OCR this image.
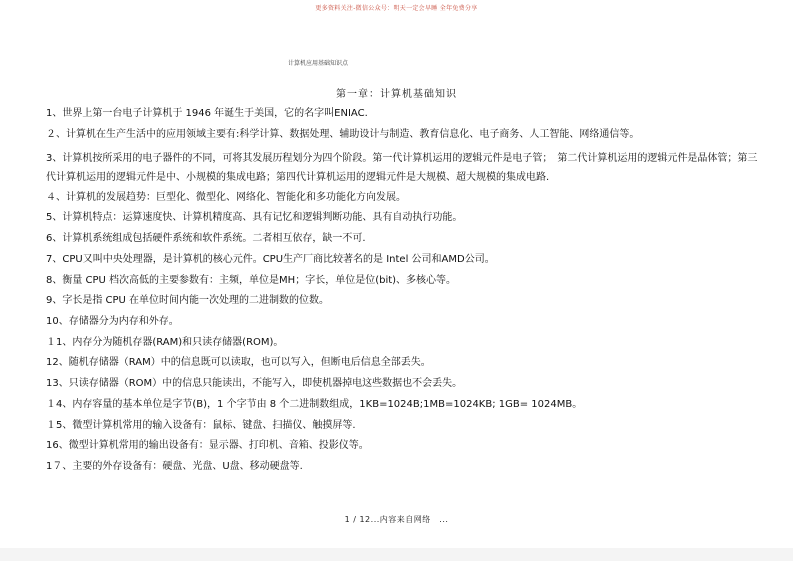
更多资料关注-微信公众号：明天一定会早睡 全年免费分享
计算机应用基础知识点
第一章：计算机基础知识
1、世界上第一台电子计算机于 1946 年诞生于美国，它的名字叫ENIAC.
２、计算机在生产生活中的应用领域主要有:科学计算、数据处理、辅助设计与制造、教育信息化、电子商务、人工智能、网络通信等。
3、计算机按所采用的电子器件的不同，可将其发展历程划分为四个阶段。第一代计算机运用的逻辑元件是电子管；　第二代计算机运用的逻辑元件是晶体管；第三代计算机运用的逻辑元件是中、小规模的集成电路；第四代计算机运用的逻辑元件是大规模、超大规模的集成电路.
４、计算机的发展趋势：巨型化、微型化、网络化、智能化和多功能化方向发展。
5、计算机特点：运算速度快、计算机精度高、具有记忆和逻辑判断功能、具有自动执行功能。
6、计算机系统组成包括硬件系统和软件系统。二者相互依存，缺一不可.
7、CPU又叫中央处理器，是计算机的核心元件。CPU生产厂商比较著名的是 Intel 公司和AMD公司。
8、衡量 CPU 档次高低的主要参数有：主频，单位是MH；字长，单位是位(bit)、多核心等。
9、字长是指 CPU 在单位时间内能一次处理的二进制数的位数。
10、存储器分为内存和外存。
１1、内存分为随机存器(RAM)和只读存储器(ROM)。
12、随机存储器（RAM）中的信息既可以读取，也可以写入，但断电后信息全部丢失。
13、只读存储器（ROM）中的信息只能读出，不能写入，即使机器掉电这些数据也不会丢失。
１4、内存容量的基本单位是字节(B)，1 个字节由 8 个二进制数组成，1KB=1024B;1MB=1024KB; 1GB= 1024MB。
１5、微型计算机常用的输入设备有：鼠标、键盘、扫描仪、触摸屏等.
16、微型计算机常用的输出设备有：显示器、打印机、音箱、投影仪等。
1７、主要的外存设备有：硬盘、光盘、U盘、移动硬盘等.
1 / 12...内容来自网络　...
